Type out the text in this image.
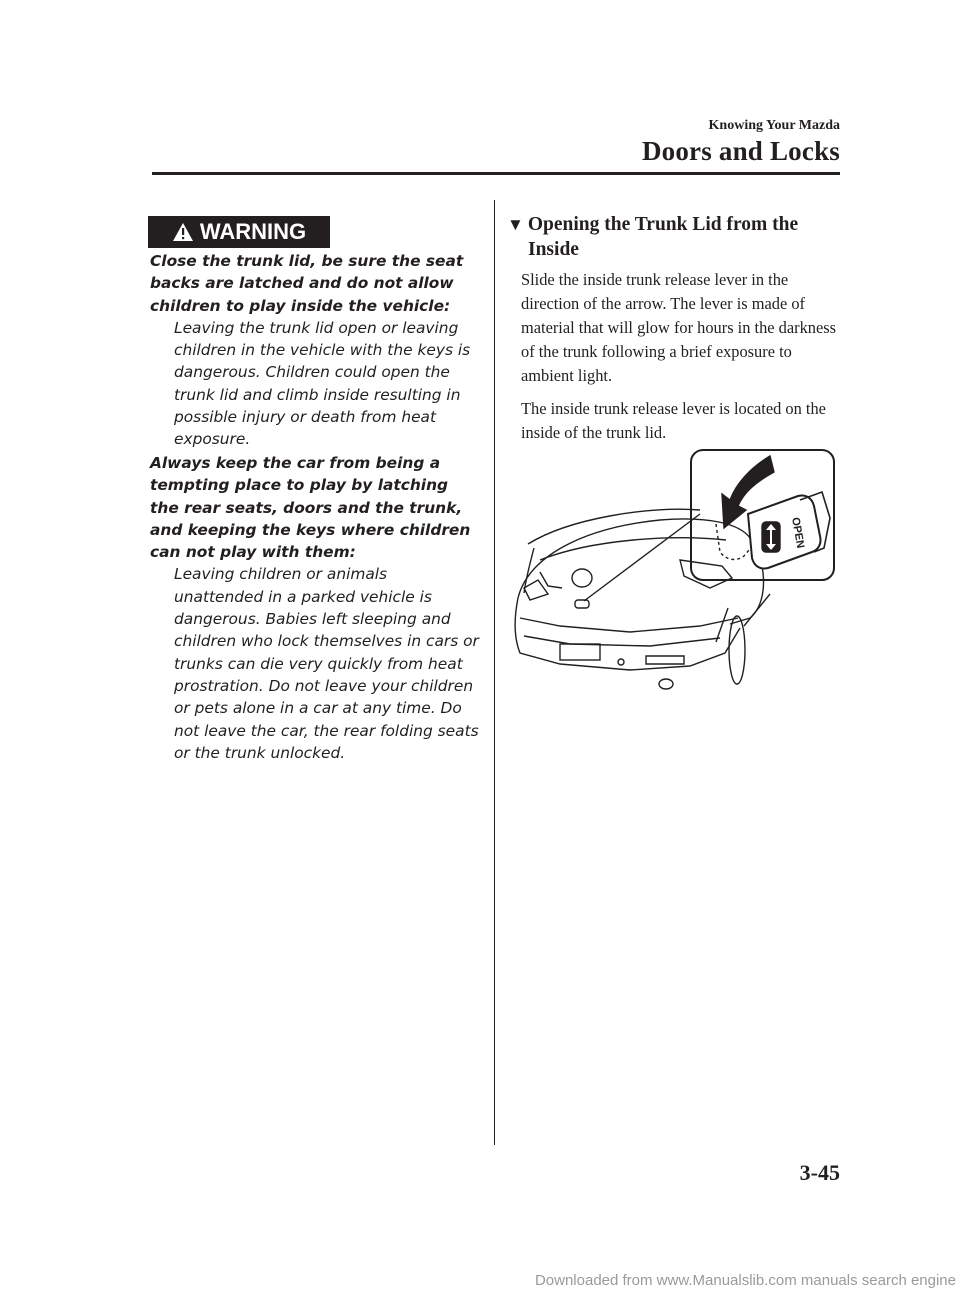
Knowing Your Mazda
Doors and Locks
WARNING

Close the trunk lid, be sure the seat backs are latched and do not allow children to play inside the vehicle:

Leaving the trunk lid open or leaving children in the vehicle with the keys is dangerous. Children could open the trunk lid and climb inside resulting in possible injury or death from heat exposure.

Always keep the car from being a tempting place to play by latching the rear seats, doors and the trunk, and keeping the keys where children can not play with them:

Leaving children or animals unattended in a parked vehicle is dangerous. Babies left sleeping and children who lock themselves in cars or trunks can die very quickly from heat prostration. Do not leave your children or pets alone in a car at any time. Do not leave the car, the rear folding seats or the trunk unlocked.

▼ Opening the Trunk Lid from the
Inside
Slide the inside trunk release lever in the direction of the arrow. The lever is made of material that will glow for hours in the darkness of the trunk following a brief exposure to ambient light.
The inside trunk release lever is located on the inside of the trunk lid.
OPEN
3-45
Downloaded from www.Manualslib.com manuals search engine
